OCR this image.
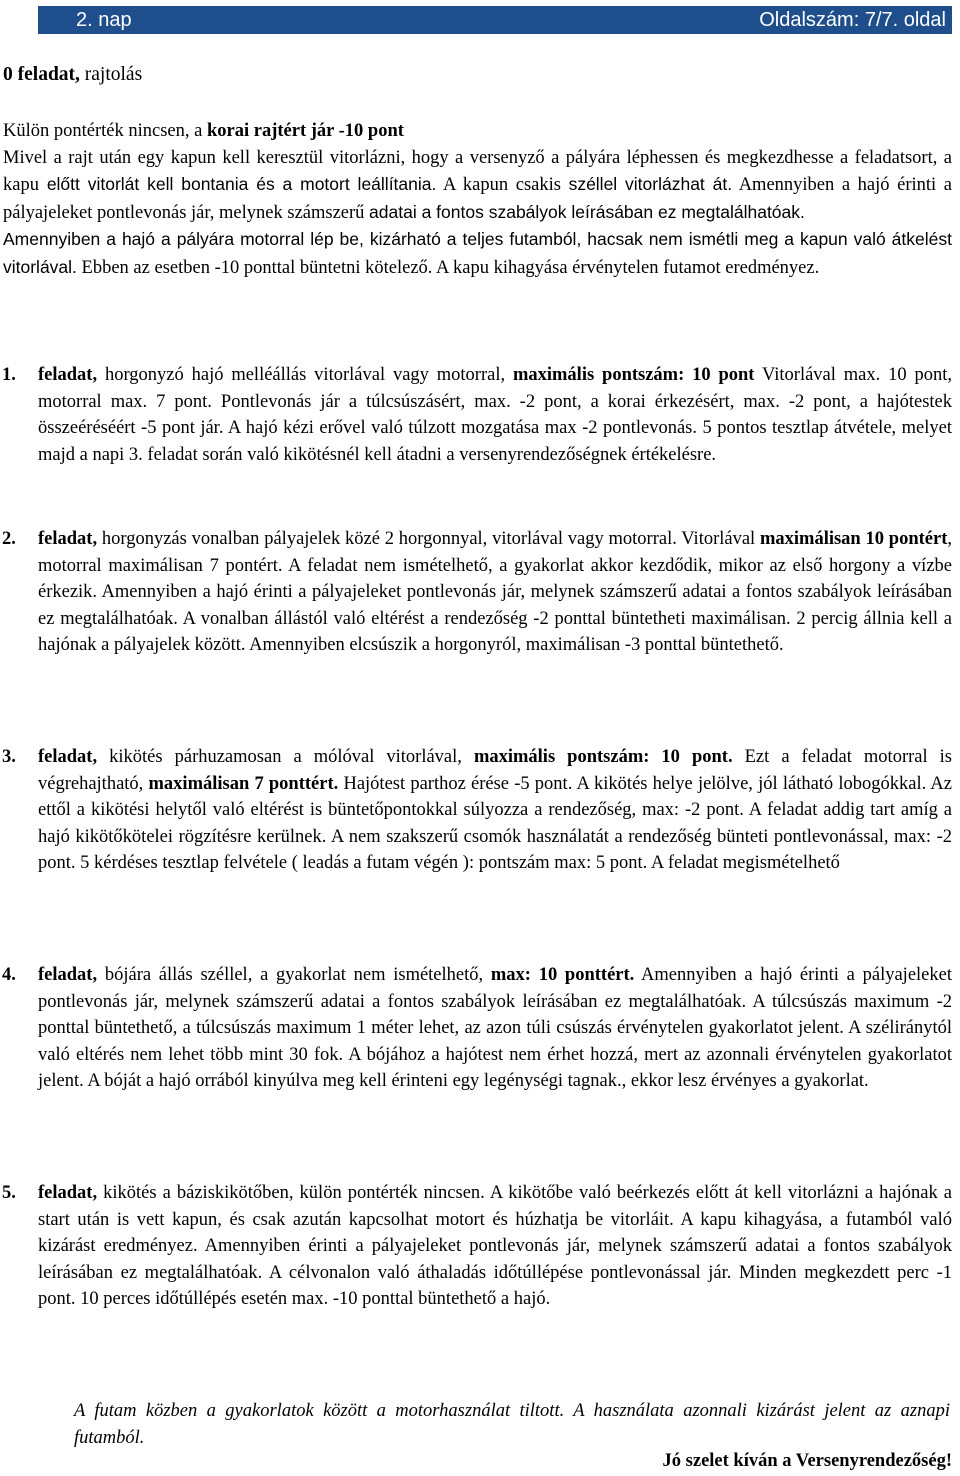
2. nap	Oldalszám: 7/7. oldal
0 feladat, rajtolás
Külön pontérték nincsen, a korai rajtért jár -10 pont
Mivel a rajt után egy kapun kell keresztül vitorlázni, hogy a versenyző a pályára léphessen és megkezdhesse a feladatsort, a kapu előtt vitorlát kell bontania és a motort leállítania. A kapun csakis széllel vitorlázhat át. Amennyiben a hajó érinti a pályajeleket pontlevonás jár, melynek számszerű adatai a fontos szabályok leírásában ez megtalálhatóak.
Amennyiben a hajó a pályára motorral lép be, kizárható a teljes futamból, hacsak nem ismétli meg a kapun való átkelést vitorlával. Ebben az esetben -10 ponttal büntetni kötelező. A kapu kihagyása érvénytelen futamot eredményez.
1. feladat, horgonyzó hajó melléállás vitorlával vagy motorral, maximális pontszám: 10 pont Vitorlával max. 10 pont, motorral max. 7 pont. Pontlevonás jár a túlcsúszásért, max. -2 pont, a korai érkezésért, max. -2 pont, a hajótestek összeéréséért -5 pont jár. A hajó kézi erővel való túlzott mozgatása max -2 pontlevonás. 5 pontos tesztlap átvétele, melyet majd a napi 3. feladat során való kikötésnél kell átadni a versenyrendezőségnek értékelésre.
2. feladat, horgonyzás vonalban pályajelek közé 2 horgonnyal, vitorlával vagy motorral. Vitorlával maximálisan 10 pontért, motorral maximálisan 7 pontért. A feladat nem ismételhető, a gyakorlat akkor kezdődik, mikor az első horgony a vízbe érkezik. Amennyiben a hajó érinti a pályajeleket pontlevonás jár, melynek számszerű adatai a fontos szabályok leírásában ez megtalálhatóak. A vonalban állástól való eltérést a rendezőség -2 ponttal büntetheti maximálisan. 2 percig állnia kell a hajónak a pályajelek között. Amennyiben elcsúszik a horgonyról, maximálisan -3 ponttal büntethető.
3. feladat, kikötés párhuzamosan a mólóval vitorlával, maximális pontszám: 10 pont. Ezt a feladat motorral is végrehajtható, maximálisan 7 ponttért. Hajótest parthoz érése -5 pont. A kikötés helye jelölve, jól látható lobogókkal. Az ettől a kikötési helytől való eltérést is büntetőpontokkal súlyozza a rendezőség, max: -2 pont. A feladat addig tart amíg a hajó kikötőkötelei rögzítésre kerülnek. A nem szakszerű csomók használatát a rendezőség bünteti pontlevonással, max: -2 pont. 5 kérdéses tesztlap felvétele ( leadás a futam végén ): pontszám max: 5 pont. A feladat megismételhető
4. feladat, bójára állás széllel, a gyakorlat nem ismételhető, max: 10 ponttért. Amennyiben a hajó érinti a pályajeleket pontlevonás jár, melynek számszerű adatai a fontos szabályok leírásában ez megtalálhatóak. A túlcsúszás maximum -2 ponttal büntethető, a túlcsúszás maximum 1 méter lehet, az azon túli csúszás érvénytelen gyakorlatot jelent. A széliránytól való eltérés nem lehet több mint 30 fok. A bójához a hajótest nem érhet hozzá, mert az azonnali érvénytelen gyakorlatot jelent. A bóját a hajó orrából kinyúlva meg kell érinteni egy legénységi tagnak., ekkor lesz érvényes a gyakorlat.
5. feladat, kikötés a báziskikötőben, külön pontérték nincsen. A kikötőbe való beérkezés előtt át kell vitorlázni a hajónak a start után is vett kapun, és csak azután kapcsolhat motort és húzhatja be vitorláit. A kapu kihagyása, a futamból való kizárást eredményez. Amennyiben érinti a pályajeleket pontlevonás jár, melynek számszerű adatai a fontos szabályok leírásában ez megtalálhatóak. A célvonalon való áthaladás időtúllépése pontlevonással jár. Minden megkezdett perc -1 pont. 10 perces időtúllépés esetén max. -10 ponttal büntethető a hajó.
A futam közben a gyakorlatok között a motorhasználat tiltott. A használata azonnali kizárást jelent az aznapi futamból.
Jó szelet kíván a Versenyrendezőség!
